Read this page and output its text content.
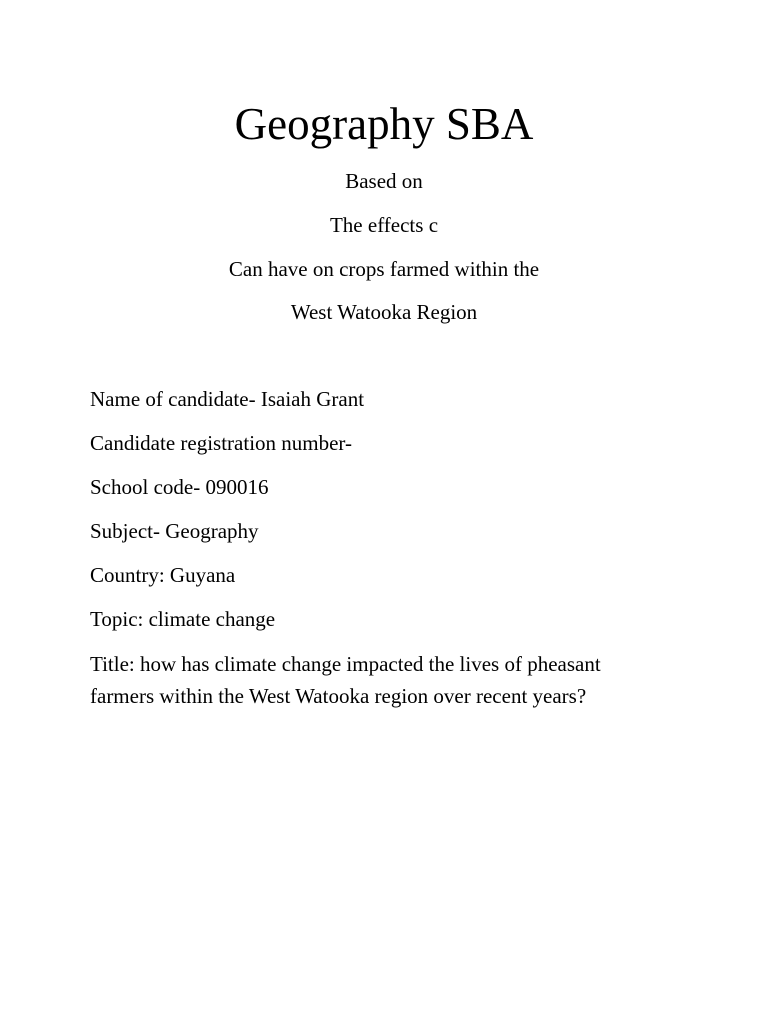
Geography SBA

Based on

The effects c

Can have on crops farmed within the

West Watooka Region

Name of candidate- Isaiah Grant

Candidate registration number-

School code- 090016

Subject- Geography

Country: Guyana

Topic: climate change

Title: how has climate change impacted the lives of pheasant farmers within the West Watooka region over recent years?
